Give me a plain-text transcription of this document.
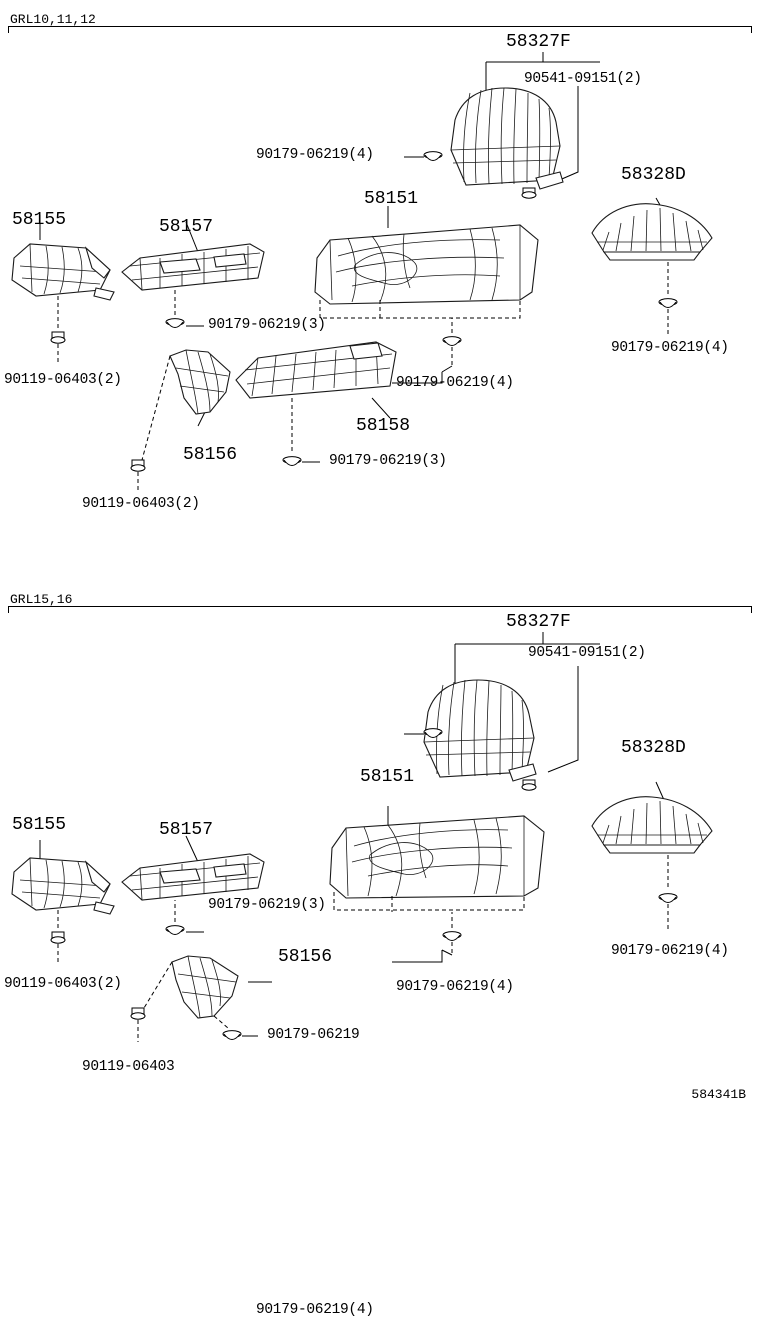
GRL10,11,12
58327F
90541-09151(2)
90179-06219(4)
58328D
58151
58155	58157
90179-06219(3)
90179-06219(4)
90119-06403(2)	90179-06219(4)
58158
58156	90179-06219(3)
90119-06403(2)
GRL15,16
58327F
90541-09151(2)
90179-06219(4)
58328D
58151
58155	58157
90179-06219(3)
90179-06219(4)
90119-06403(2)
58156
90179-06219(4)
90179-06219
90119-06403
584341B
